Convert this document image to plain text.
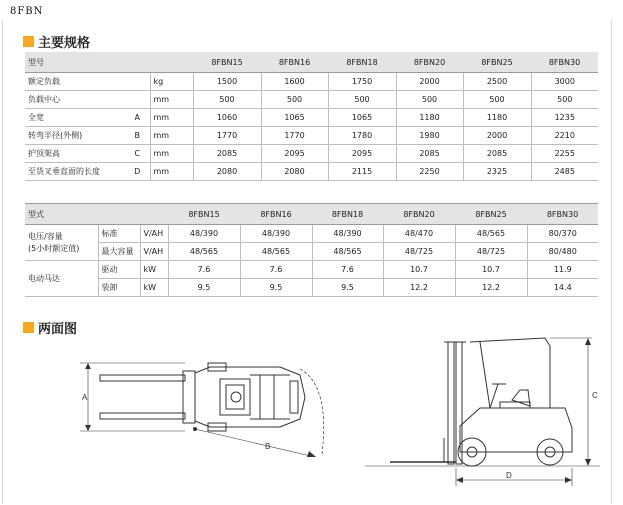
8FBN
主要规格
型号			8FBN15	8FBN16	8FBN18	8FBN20	8FBN25	8FBN30
额定负载		kg	1500	1600	1750	2000	2500	3000
负载中心		mm	500	500	500	500	500	500
全宽	A	mm	1060	1065	1065	1180	1180	1235
转弯半径(外侧)	B	mm	1770	1770	1780	1980	2000	2210
护顶架高	C	mm	2085	2095	2095	2085	2085	2255
至货叉垂直面的长度	D	mm	2080	2080	2115	2250	2325	2485
型式			8FBN15	8FBN16	8FBN18	8FBN20	8FBN25	8FBN30

电压/容量
(5小时额定值)	标准	V/AH	48/390	48/390	48/390	48/470	48/565	80/370
	最大容量	V/AH	48/565	48/565	48/565	48/725	48/725	80/480
电动马达	驱动	kW	7.6	7.6	7.6	10.7	10.7	11.9
	装卸	kW	9.5	9.5	9.5	12.2	12.2	14.4
两面图
A
B
C
D
